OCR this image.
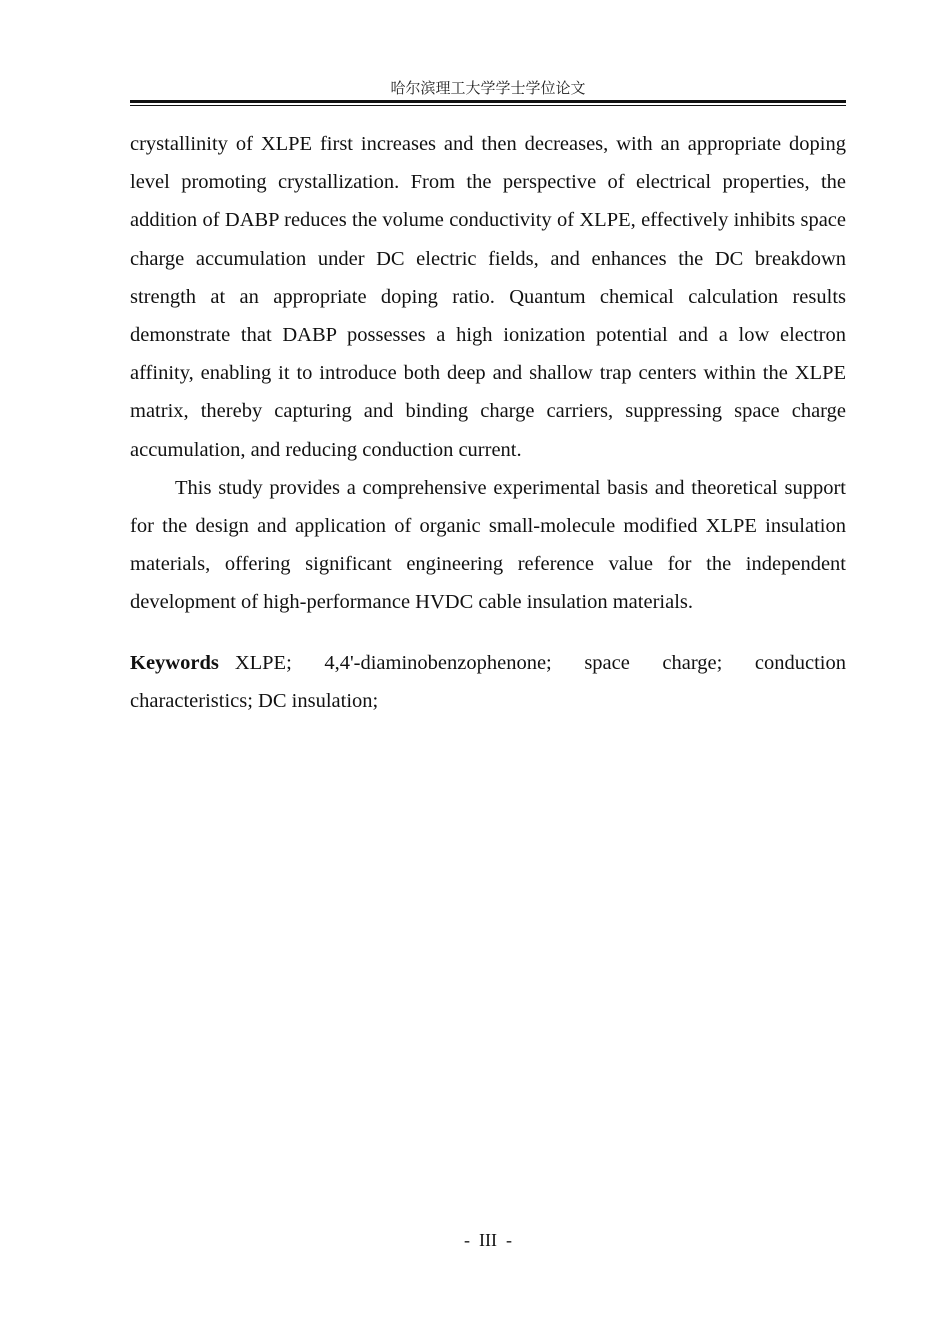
哈尔滨理工大学学士学位论文

crystallinity of XLPE first increases and then decreases, with an appropriate doping level promoting crystallization. From the perspective of electrical properties, the addition of DABP reduces the volume conductivity of XLPE, effectively inhibits space charge accumulation under DC electric fields, and enhances the DC breakdown strength at an appropriate doping ratio. Quantum chemical calculation results demonstrate that DABP possesses a high ionization potential and a low electron affinity, enabling it to introduce both deep and shallow trap centers within the XLPE matrix, thereby capturing and binding charge carriers, suppressing space charge accumulation, and reducing conduction current.

This study provides a comprehensive experimental basis and theoretical support for the design and application of organic small-molecule modified XLPE insulation materials, offering significant engineering reference value for the independent development of high-performance HVDC cable insulation materials.

Keywords XLPE; 4,4'-diaminobenzophenone; space charge; conduction characteristics; DC insulation;

-  III  -
